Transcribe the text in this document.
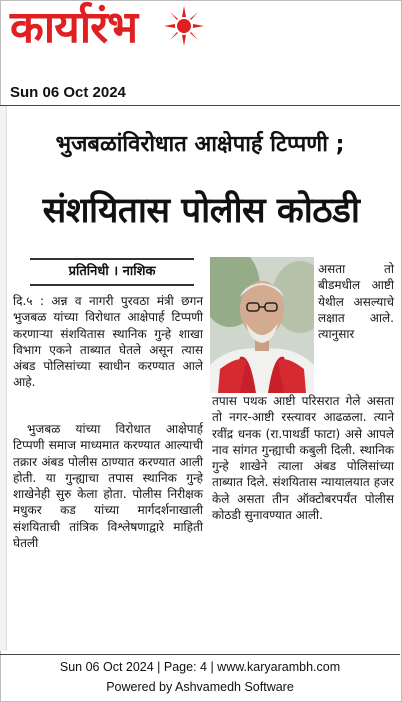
कार्यारंभ
Sun 06 Oct 2024
भुजबळांविरोधात आक्षेपार्ह टिप्पणी ;
संशयितास पोलीस कोठडी
प्रतिनिधी । नाशिक
दि.५ : अन्न व नागरी पुरवठा मंत्री छगन भुजबळ यांच्या विरोधात आक्षेपार्ह टिप्पणी करणाऱ्या संशयितास स्थानिक गुन्हे शाखा विभाग एकने ताब्यात घेतले असून त्यास अंबड पोलिसांच्या स्वाधीन करण्यात आले आहे.
भुजबळ यांच्या विरोधात आक्षेपार्ह टिप्पणी समाज माध्यमात करण्यात आल्याची तक्रार अंबड पोलीस ठाण्यात करण्यात आली होती. या गुन्ह्याचा तपास स्थानिक गुन्हे शाखेनेही सुरु केला होता. पोलीस निरीक्षक मधुकर कड यांच्या मार्गदर्शनाखाली संशयिताची तांत्रिक विश्लेषणाद्वारे माहिती घेतली
असता तो बीडमधील आष्टी येथील असल्याचे लक्षात आले. त्यानुसार
तपास पथक आष्टी परिसरात गेले असता तो नगर-आष्टी रस्त्यावर आढळला. त्याने रवींद्र धनक (रा.पाथर्डी फाटा) असे आपले नाव सांगत गुन्ह्याची कबुली दिली. स्थानिक गुन्हे शाखेने त्याला अंबड पोलिसांच्या ताब्यात दिले. संशयितास न्यायालयात हजर केले असता तीन ऑक्टोबरपर्यंत पोलीस कोठडी सुनावण्यात आली.
Sun 06 Oct 2024 | Page: 4 | www.karyarambh.com
Powered by Ashvamedh Software
